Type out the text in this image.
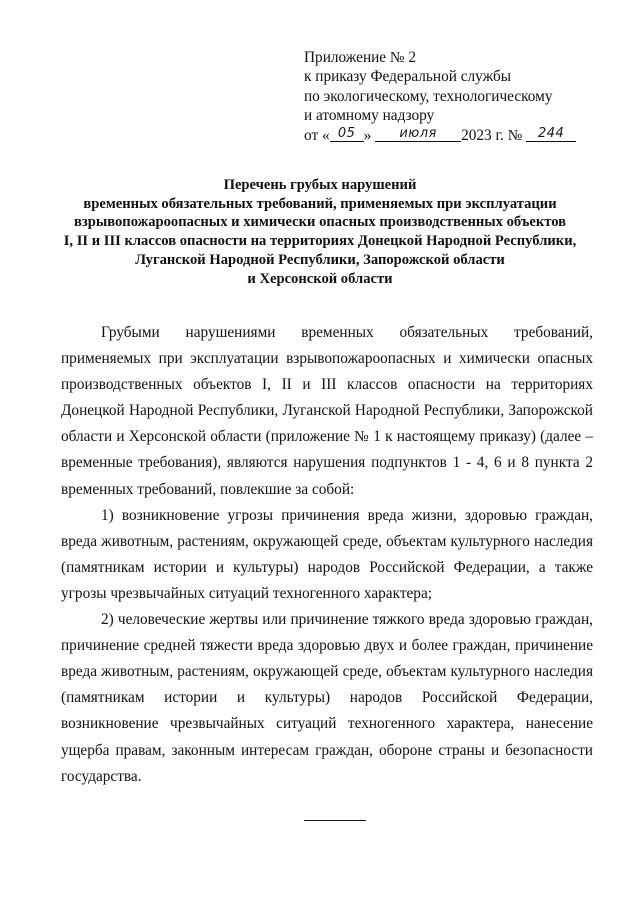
Приложение № 2
к приказу Федеральной службы
по экологическому, технологическому
и атомному надзору
от « 05 » июля 2023 г. № 244
Перечень грубых нарушений
временных обязательных требований, применяемых при эксплуатации
взрывопожароопасных и химически опасных производственных объектов
I, II и III классов опасности на территориях Донецкой Народной Республики,
Луганской Народной Республики, Запорожской области
и Херсонской области

Грубыми нарушениями временных обязательных требований, применяемых при эксплуатации взрывопожароопасных и химически опасных производственных объектов I, II и III классов опасности на территориях Донецкой Народной Республики, Луганской Народной Республики, Запорожской области и Херсонской области (приложение № 1 к настоящему приказу) (далее – временные требования), являются нарушения подпунктов 1 - 4, 6 и 8 пункта 2 временных требований, повлекшие за собой:

1) возникновение угрозы причинения вреда жизни, здоровью граждан, вреда животным, растениям, окружающей среде, объектам культурного наследия (памятникам истории и культуры) народов Российской Федерации, а также угрозы чрезвычайных ситуаций техногенного характера;

2) человеческие жертвы или причинение тяжкого вреда здоровью граждан, причинение средней тяжести вреда здоровью двух и более граждан, причинение вреда животным, растениям, окружающей среде, объектам культурного наследия (памятникам истории и культуры) народов Российской Федерации, возникновение чрезвычайных ситуаций техногенного характера, нанесение ущерба правам, законным интересам граждан, обороне страны и безопасности государства.
